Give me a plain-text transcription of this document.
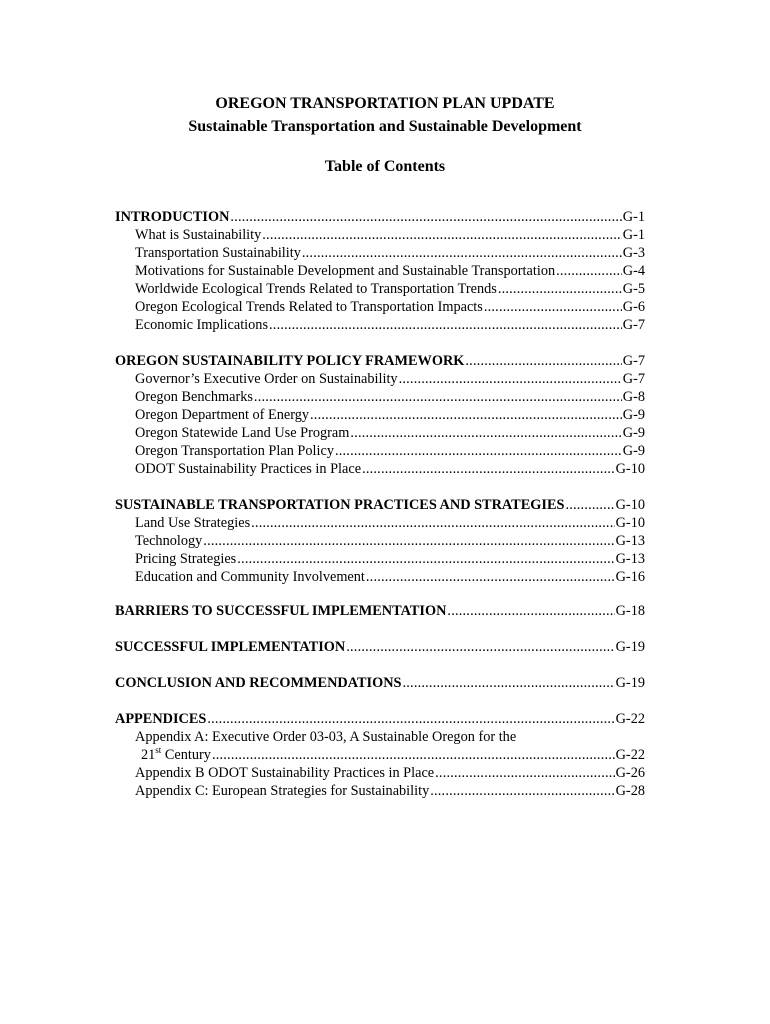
OREGON TRANSPORTATION PLAN UPDATE
Sustainable Transportation and Sustainable Development
Table of Contents
INTRODUCTION .....	G-1
What is Sustainability .....	G-1
Transportation Sustainability .....	G-3
Motivations for Sustainable Development and Sustainable Transportation .....	G-4
Worldwide Ecological Trends Related to Transportation Trends .....	G-5
Oregon Ecological Trends Related to Transportation Impacts .....	G-6
Economic Implications .....	G-7
OREGON SUSTAINABILITY POLICY FRAMEWORK .....	G-7
Governor’s Executive Order on Sustainability .....	G-7
Oregon Benchmarks .....	G-8
Oregon Department of Energy .....	G-9
Oregon Statewide Land Use Program .....	G-9
Oregon Transportation Plan Policy .....	G-9
ODOT Sustainability Practices in Place .....	G-10
SUSTAINABLE TRANSPORTATION PRACTICES AND STRATEGIES .....	G-10
Land Use Strategies .....	G-10
Technology .....	G-13
Pricing Strategies .....	G-13
Education and Community Involvement .....	G-16
BARRIERS TO SUCCESSFUL IMPLEMENTATION .....	G-18
SUCCESSFUL IMPLEMENTATION .....	G-19
CONCLUSION AND RECOMMENDATIONS .....	G-19
APPENDICES .....	G-22
Appendix A: Executive Order 03-03, A Sustainable Oregon for the
21st Century .....	G-22
Appendix B ODOT Sustainability Practices in Place .....	G-26
Appendix C: European Strategies for Sustainability .....	G-28
